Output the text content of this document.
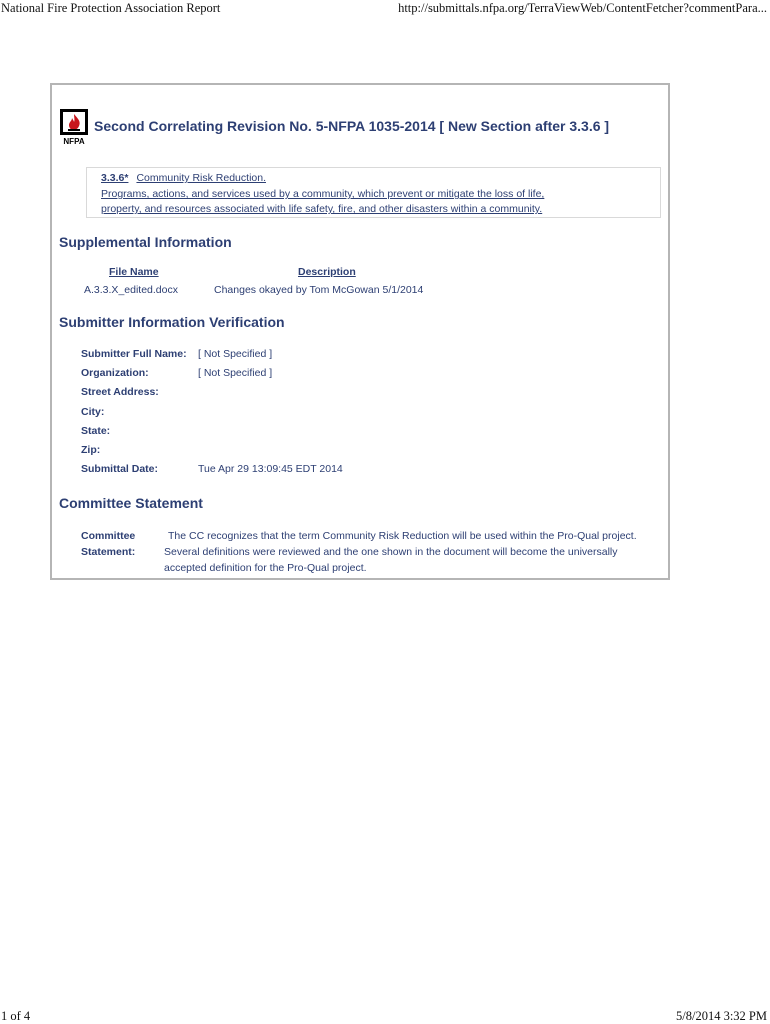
National Fire Protection Association Report	http://submittals.nfpa.org/TerraViewWeb/ContentFetcher?commentPara...
NFPA
Second Correlating Revision No. 5-NFPA 1035-2014 [ New Section after 3.3.6 ]
3.3.6* Community Risk Reduction.
Programs, actions, and services used by a community, which prevent or mitigate the loss of life,
property, and resources associated with life safety, fire, and other disasters within a community.
Supplemental Information
File Name	Description
A.3.3.X_edited.docx	Changes okayed by Tom McGowan 5/1/2014
Submitter Information Verification
Submitter Full Name: [ Not Specified ]
Organization:	[ Not Specified ]
Street Address:
City:
State:
Zip:
Submittal Date:	Tue Apr 29 13:09:45 EDT 2014
Committee Statement
Committee
Statement:
The CC recognizes that the term Community Risk Reduction will be used within the Pro-Qual project. Several definitions were reviewed and the one shown in the document will become the universally accepted definition for the Pro-Qual project.
1 of 4	5/8/2014 3:32 PM
